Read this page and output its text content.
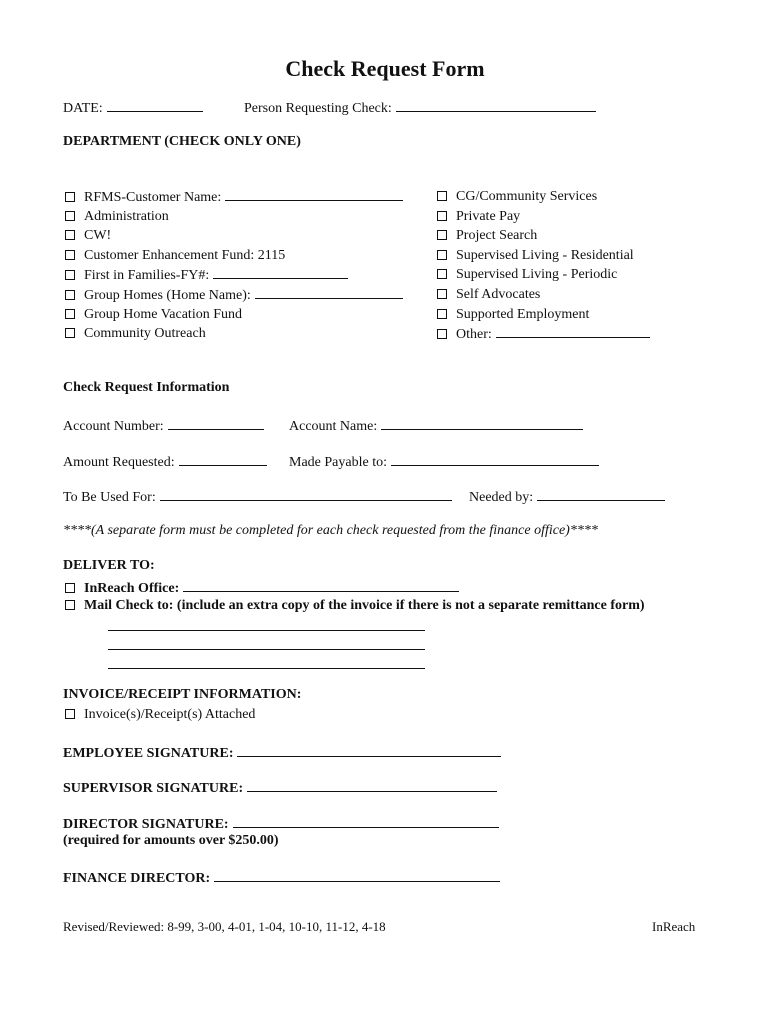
Check Request Form
DATE:	Person Requesting Check:
DEPARTMENT (CHECK ONLY ONE)
RFMS-Customer Name:
Administration
CW!
Customer Enhancement Fund: 2115
First in Families-FY#:
Group Homes (Home Name):
Group Home Vacation Fund
Community Outreach
CG/Community Services
Private Pay
Project Search
Supervised Living - Residential
Supervised Living - Periodic
Self Advocates
Supported Employment
Other:
Check Request Information
Account Number:	Account Name:
Amount Requested:	Made Payable to:
To Be Used For:	Needed by:
****(A separate form must be completed for each check requested from the finance office)****
DELIVER TO:
InReach Office:
Mail Check to: (include an extra copy of the invoice if there is not a separate remittance form)
INVOICE/RECEIPT INFORMATION:
Invoice(s)/Receipt(s) Attached
EMPLOYEE SIGNATURE:
SUPERVISOR SIGNATURE:
DIRECTOR SIGNATURE:
(required for amounts over $250.00)
FINANCE DIRECTOR:
Revised/Reviewed: 8-99, 3-00, 4-01, 1-04, 10-10, 11-12, 4-18	InReach
